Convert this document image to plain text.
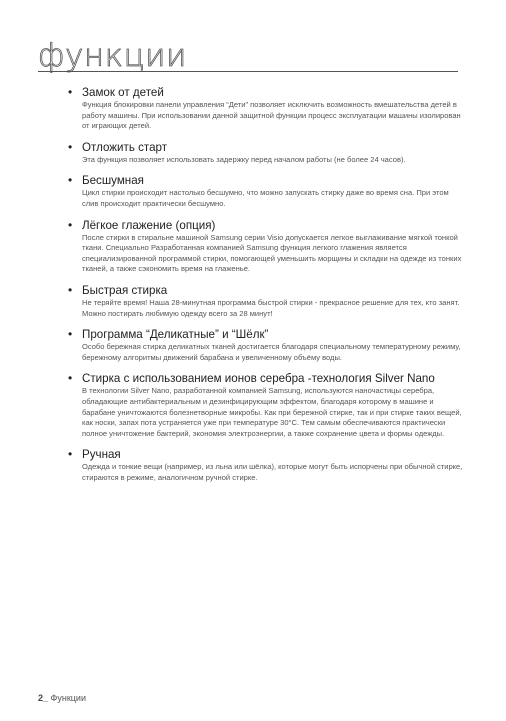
функции
• Замок от детей

Функция блокировки панели управления “Дети” позволяет исключить возможность вмешательства детей в работу машины. При использовании данной защитной функции процесс эксплуатации машины изолирован от играющих детей.

• Отложить старт

Эта функция позволяет использовать задержку перед началом работы (не более 24 часов).

• Бесшумная

Цикл стирки происходит настолько бесшумно, что можно запускать стирку даже во время сна. При этом слив происходит практически бесшумно.

• Лёгкое глажение (опция)

После стирки в стиральне машиной Samsung серии Visio допускается легкое выглаживание мягкой тонкой ткани. Специально Разработанная компанией Samsung функция легкого глажения является специализированной программой стирки, помогающей уменьшить морщины и складки на одежде из тонких тканей, а также сэкономить время на глаженье.

• Быстрая стирка

Не теряйте время! Наша 28-минутная программа быстрой стирки - прекрасное решение для тех, кто занят. Можно постирать любимую одежду всего за 28 минут!

• Программа “Деликатные” и “Шёлк”

Особо бережная стирка деликатных тканей достигается благодаря специальному температурному режиму, бережному алгоритмы движений барабана и увеличенному объёму воды.

• Стирка с использованием ионов серебра -технология Silver Nano

В технологии Silver Nano, разработанной компанией Samsung, используются наночастицы серебра, обладающие антибактериальным и дезинфицирующим эффектом, благодаря которому в машине и барабане уничтожаются болезнетворные микробы. Как при бережной стирке, так и при стирке таких вещей, как носки, запах пота устраняется уже при температуре 30°C. Тем самым обеспечиваются практически полное уничтожение бактерий, экономия электроэнергии, а также сохранение цвета и формы одежды.

• Ручная

Одежда и тонкие вещи (например, из льна или шёлка), которые могут быть испорчены при обычной стирке, стираются в режиме, аналогичном ручной стирке.

2_ Функции
